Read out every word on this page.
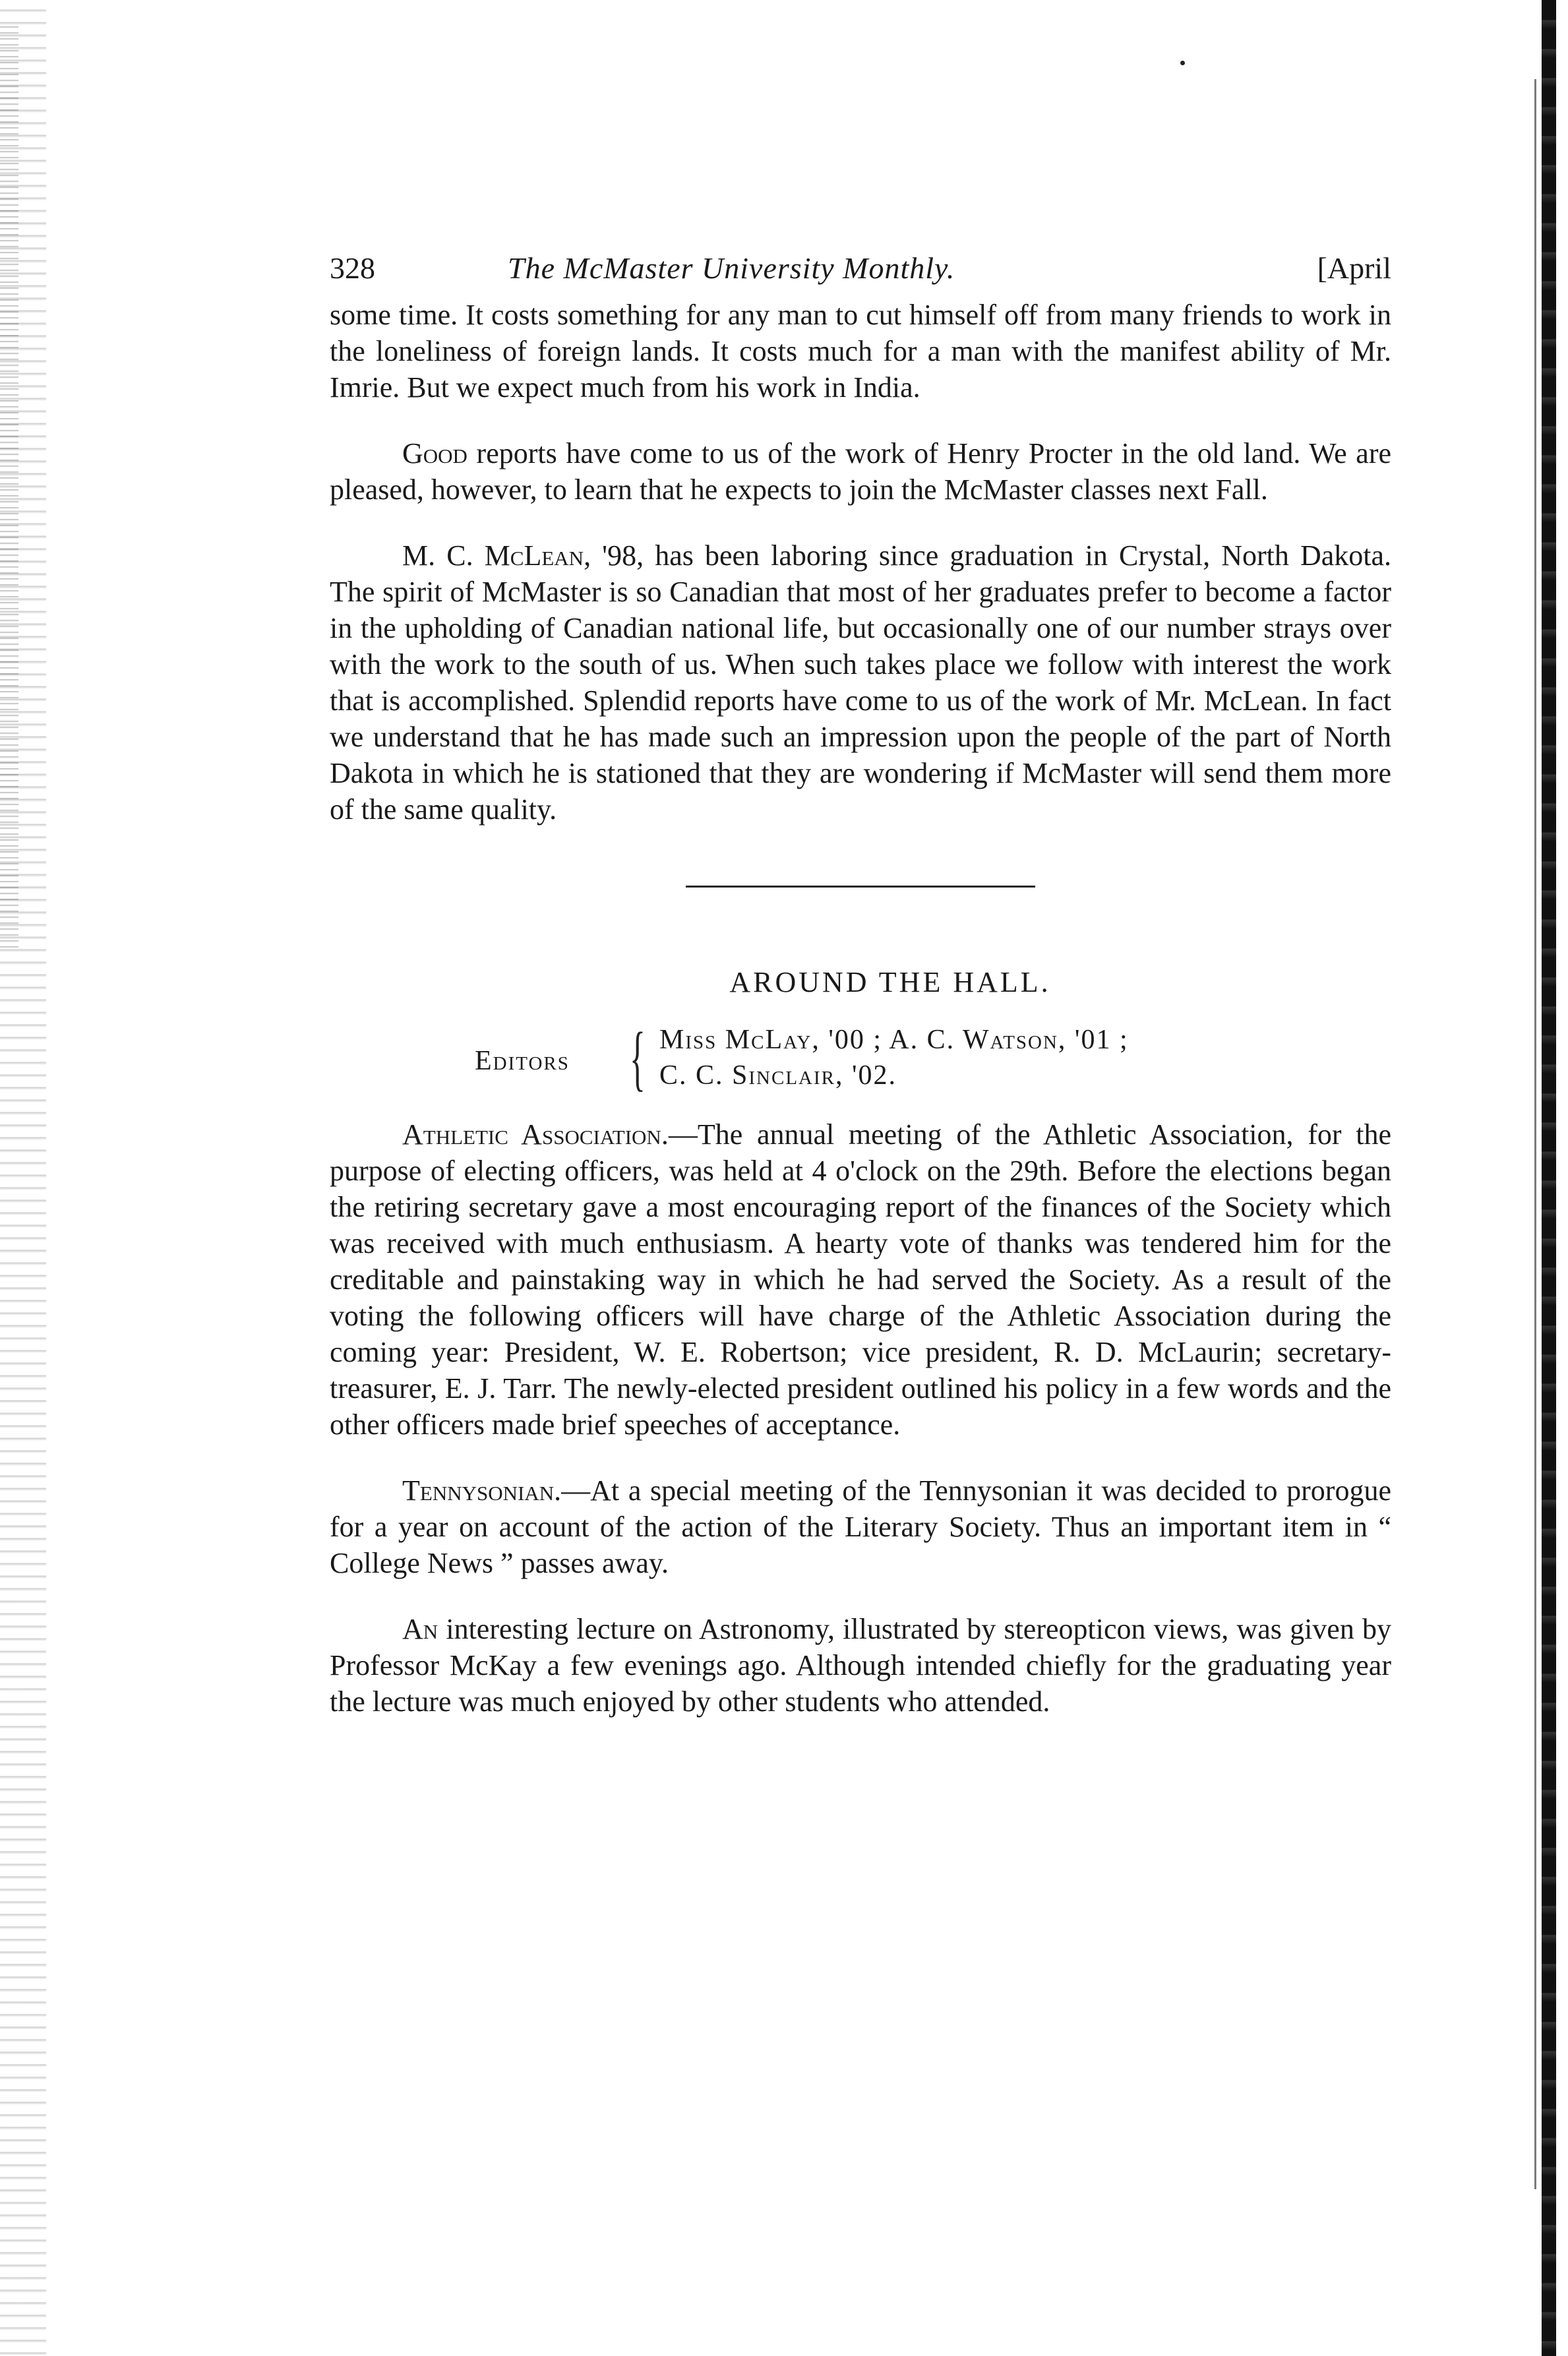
328	The McMaster University Monthly.	[April

some time. It costs something for any man to cut himself off from many friends to work in the loneliness of foreign lands. It costs much for a man with the manifest ability of Mr. Imrie. But we expect much from his work in India.

Good reports have come to us of the work of Henry Procter in the old land. We are pleased, however, to learn that he expects to join the McMaster classes next Fall.

M. C. McLean, '98, has been laboring since graduation in Crystal, North Dakota. The spirit of McMaster is so Canadian that most of her graduates prefer to become a factor in the upholding of Canadian national life, but occasionally one of our number strays over with the work to the south of us. When such takes place we follow with interest the work that is accomplished. Splendid reports have come to us of the work of Mr. McLean. In fact we understand that he has made such an impression upon the people of the part of North Dakota in which he is stationed that they are wondering if McMaster will send them more of the same quality.

AROUND THE HALL.
Editors { Miss McLay, '00 ; A. C. Watson, '01 ;
C. C. Sinclair, '02.

Athletic Association.—The annual meeting of the Athletic Association, for the purpose of electing officers, was held at 4 o'clock on the 29th. Before the elections began the retiring secretary gave a most encouraging report of the finances of the Society which was received with much enthusiasm. A hearty vote of thanks was tendered him for the creditable and painstaking way in which he had served the Society. As a result of the voting the following officers will have charge of the Athletic Association during the coming year: President, W. E. Robertson; vice president, R. D. McLaurin; secretary-treasurer, E. J. Tarr. The newly-elected president outlined his policy in a few words and the other officers made brief speeches of acceptance.

Tennysonian.—At a special meeting of the Tennysonian it was decided to prorogue for a year on account of the action of the Literary Society. Thus an important item in “ College News ” passes away.

An interesting lecture on Astronomy, illustrated by stereopticon views, was given by Professor McKay a few evenings ago. Although intended chiefly for the graduating year the lecture was much enjoyed by other students who attended.
